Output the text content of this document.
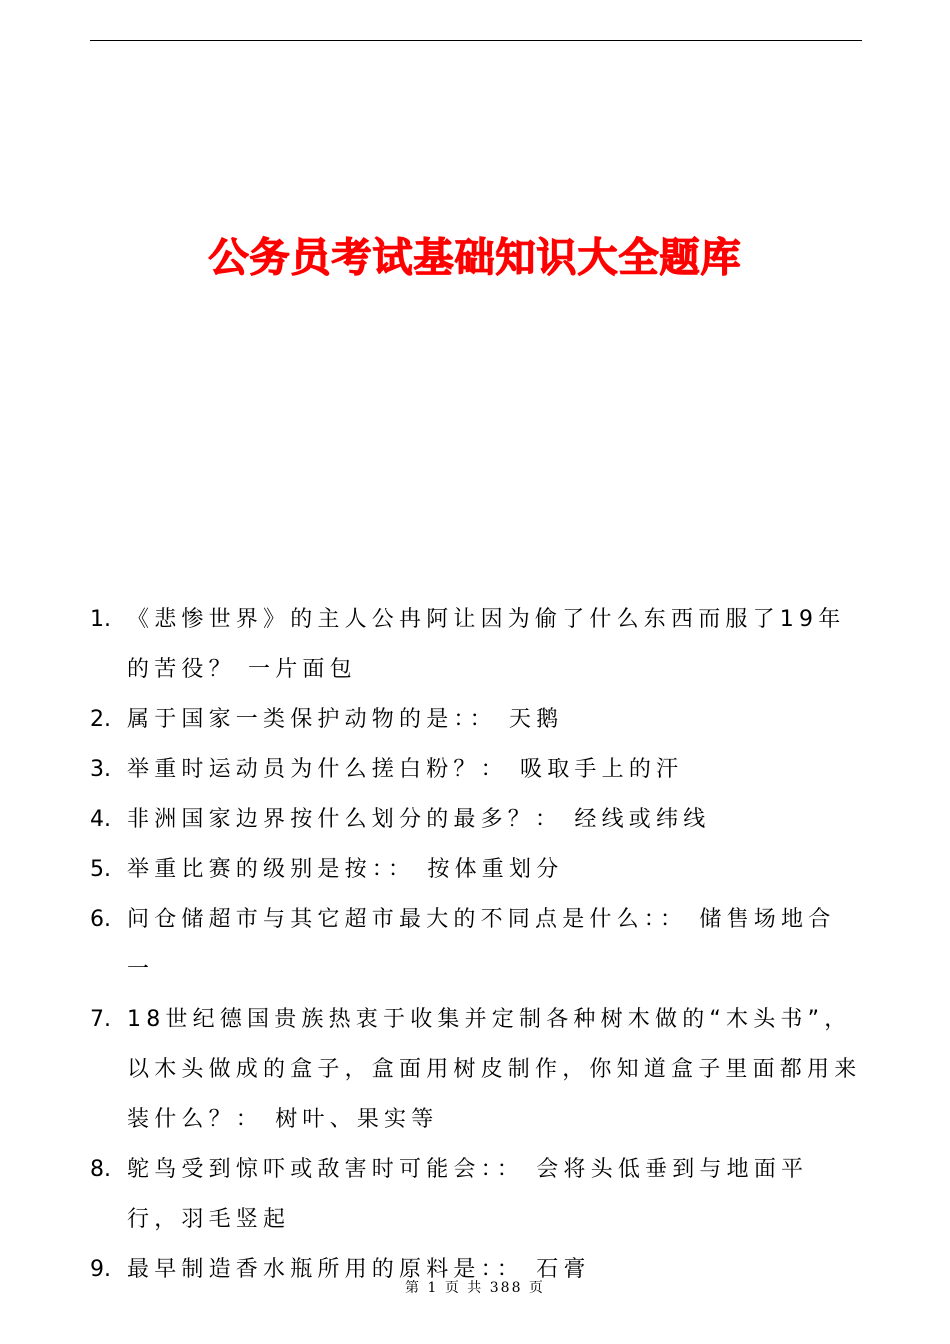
公务员考试基础知识大全题库
1. 《悲惨世界》的主人公冉阿让因为偷了什么东西而服了19年的苦役？ 一片面包
2. 属于国家一类保护动物的是：： 天鹅
3. 举重时运动员为什么搓白粉？： 吸取手上的汗
4. 非洲国家边界按什么划分的最多？： 经线或纬线
5. 举重比赛的级别是按：： 按体重划分
6. 问仓储超市与其它超市最大的不同点是什么：： 储售场地合一
7. 18世纪德国贵族热衷于收集并定制各种树木做的“木头书”，以木头做成的盒子，盒面用树皮制作，你知道盒子里面都用来装什么？： 树叶、果实等
8. 鸵鸟受到惊吓或敌害时可能会：： 会将头低垂到与地面平行，羽毛竖起
9. 最早制造香水瓶所用的原料是：： 石膏
第 1 页 共 388 页
